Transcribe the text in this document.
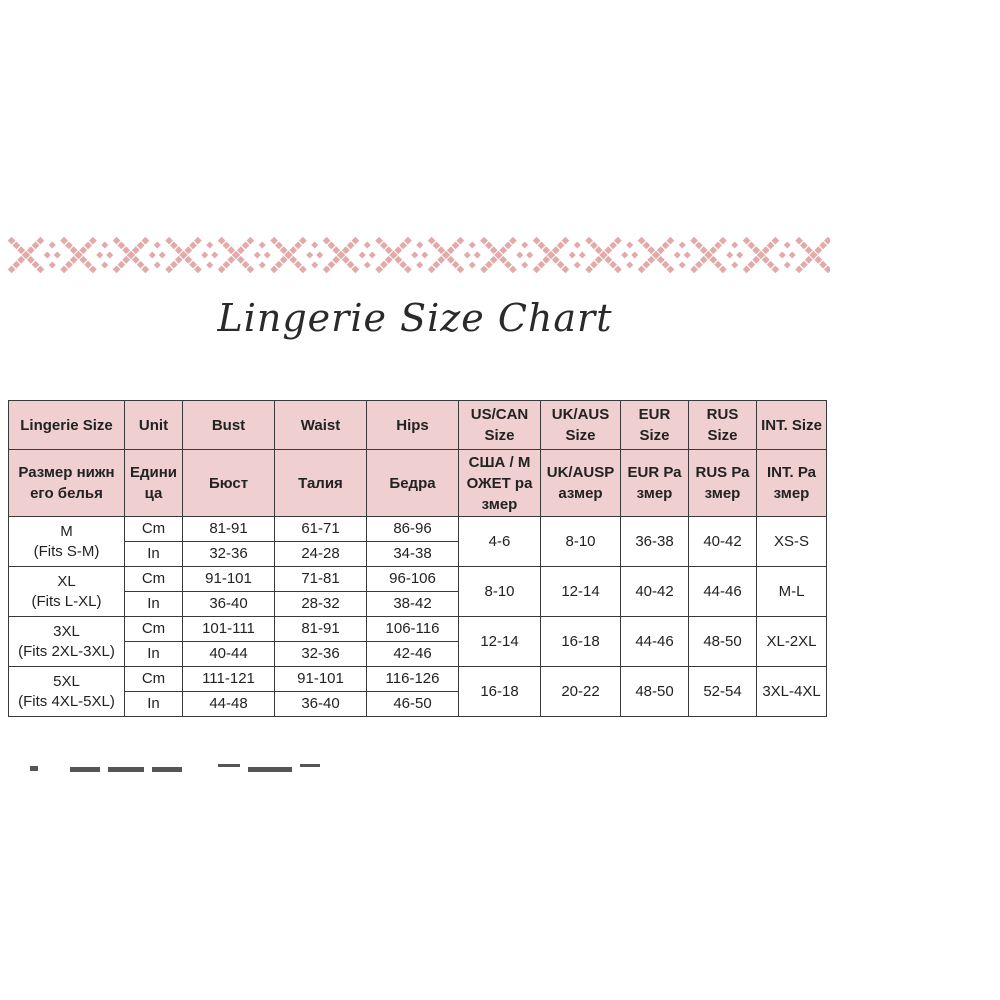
Lingerie Size Chart
Lingerie Size	Unit	Bust	Waist	Hips	US/CAN Size	UK/AUS Size	EUR Size	RUS Size	INT. Size

Размер нижн его белья	Едини ца	Бюст	Талия	Бедра	США / М ОЖЕТ ра змер	UK/AUSP азмер	EUR Ра змер	RUS Ра змер	INT. Ра змер

M
(Fits S-M)	Cm	81-91	61-71	86-96	4-6	8-10	36-38	40-42	XS-S
	In	32-36	24-28	34-38					

XL
(Fits L-XL)	Cm	91-101	71-81	96-106	8-10	12-14	40-42	44-46	M-L
	In	36-40	28-32	38-42					

3XL
(Fits 2XL-3XL)	Cm	101-111	81-91	106-116	12-14	16-18	44-46	48-50	XL-2XL
	In	40-44	32-36	42-46					

5XL
(Fits 4XL-5XL)	Cm	111-121	91-101	116-126	16-18	20-22	48-50	52-54	3XL-4XL
	In	44-48	36-40	46-50					
